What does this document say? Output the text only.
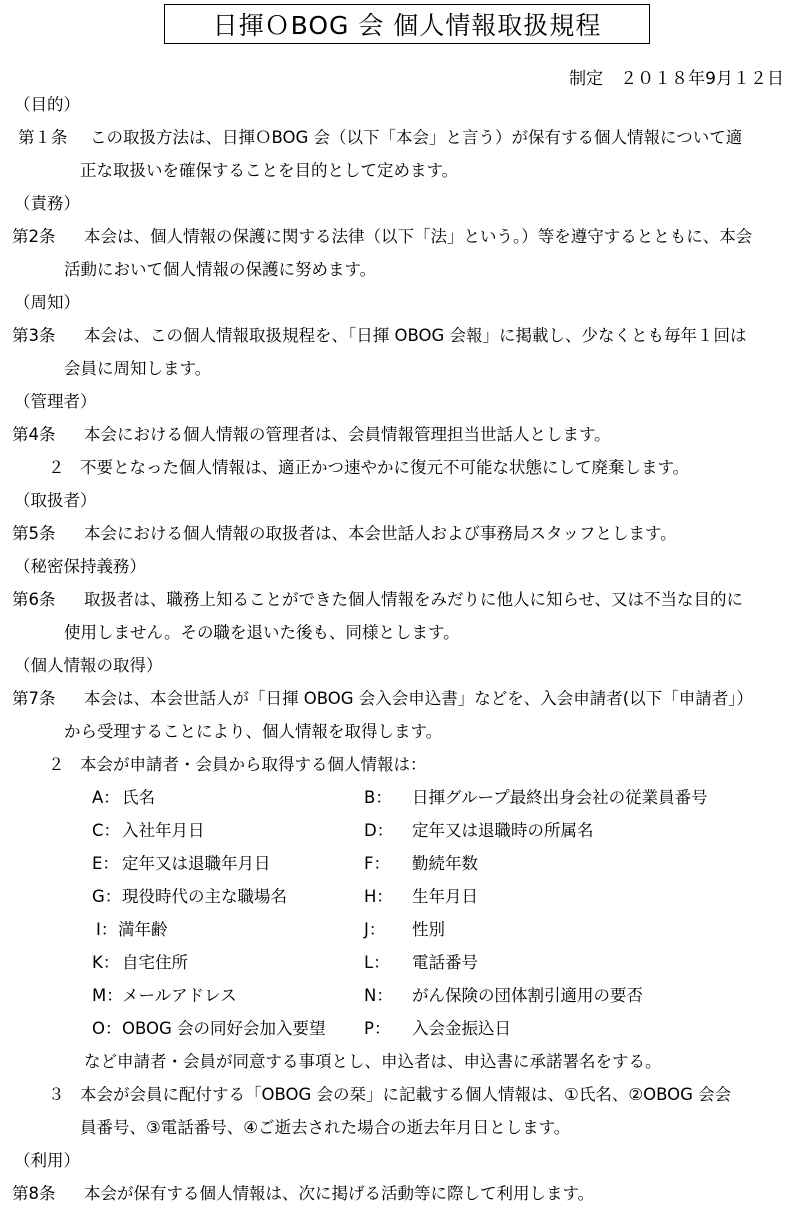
日揮ＯBOG 会 個人情報取扱規程
制定　２０１８年9月１２日
（目的）
第１条	この取扱方法は、日揮ＯBOG 会（以下「本会」と言う）が保有する個人情報について適
正な取扱いを確保することを目的として定めます。
（責務）
第2条	本会は、個人情報の保護に関する法律（以下「法」という。）等を遵守するとともに、本会
活動において個人情報の保護に努めます。
（周知）
第3条	本会は、この個人情報取扱規程を、「日揮 OBOG 会報」に掲載し、少なくとも毎年１回は
会員に周知します。
（管理者）
第4条	本会における個人情報の管理者は、会員情報管理担当世話人とします。
２ 不要となった個人情報は、適正かつ速やかに復元不可能な状態にして廃棄します。
（取扱者）
第5条	本会における個人情報の取扱者は、本会世話人および事務局スタッフとします。
（秘密保持義務）
第6条	取扱者は、職務上知ることができた個人情報をみだりに他人に知らせ、又は不当な目的に
使用しません。その職を退いた後も、同様とします。
（個人情報の取得）
第7条	本会は、本会世話人が「日揮 OBOG 会入会申込書」などを、入会申請者(以下「申請者」）
から受理することにより、個人情報を取得します。
２ 本会が申請者・会員から取得する個人情報は：
A： 氏名	B： 日揮グループ最終出身会社の従業員番号
C： 入社年月日	D： 定年又は退職時の所属名
E： 定年又は退職年月日	F： 勤続年数
G： 現役時代の主な職場名	H： 生年月日
I： 満年齢	J： 性別
K： 自宅住所	L： 電話番号
M： メールアドレス	N： がん保険の団体割引適用の要否
O： OBOG 会の同好会加入要望 P： 入会金振込日
など申請者・会員が同意する事項とし、申込者は、申込書に承諾署名をする。
３ 本会が会員に配付する「OBOG 会の栞」に記載する個人情報は、①氏名、②OBOG 会会
員番号、③電話番号、④ご逝去された場合の逝去年月日とします。
（利用）
第8条	本会が保有する個人情報は、次に掲げる活動等に際して利用します。
